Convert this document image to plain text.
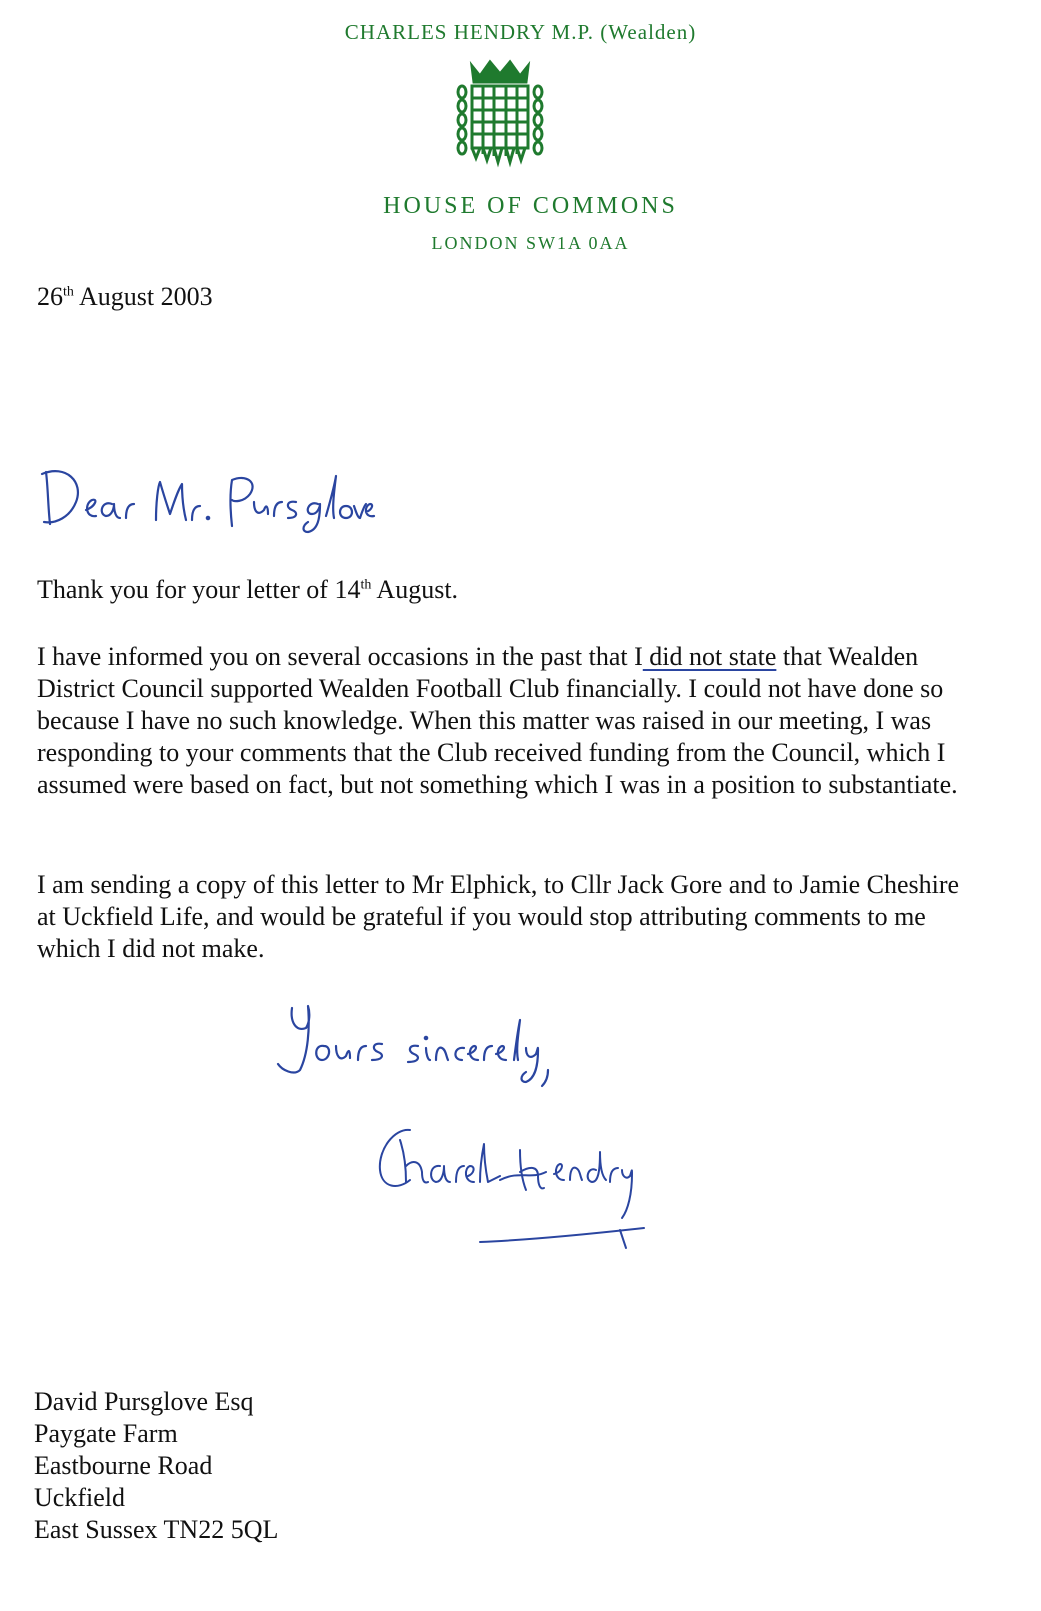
CHARLES HENDRY M.P. (Wealden)
HOUSE OF COMMONS
LONDON SW1A 0AA
26th August 2003
Thank you for your letter of 14th August.
I have informed you on several occasions in the past that I did not state that Wealden District Council supported Wealden Football Club financially. I could not have done so because I have no such knowledge. When this matter was raised in our meeting, I was responding to your comments that the Club received funding from the Council, which I assumed were based on fact, but not something which I was in a position to substantiate.
I am sending a copy of this letter to Mr Elphick, to Cllr Jack Gore and to Jamie Cheshire at Uckfield Life, and would be grateful if you would stop attributing comments to me which I did not make.
David Pursglove Esq
Paygate Farm
Eastbourne Road
Uckfield
East Sussex TN22 5QL
